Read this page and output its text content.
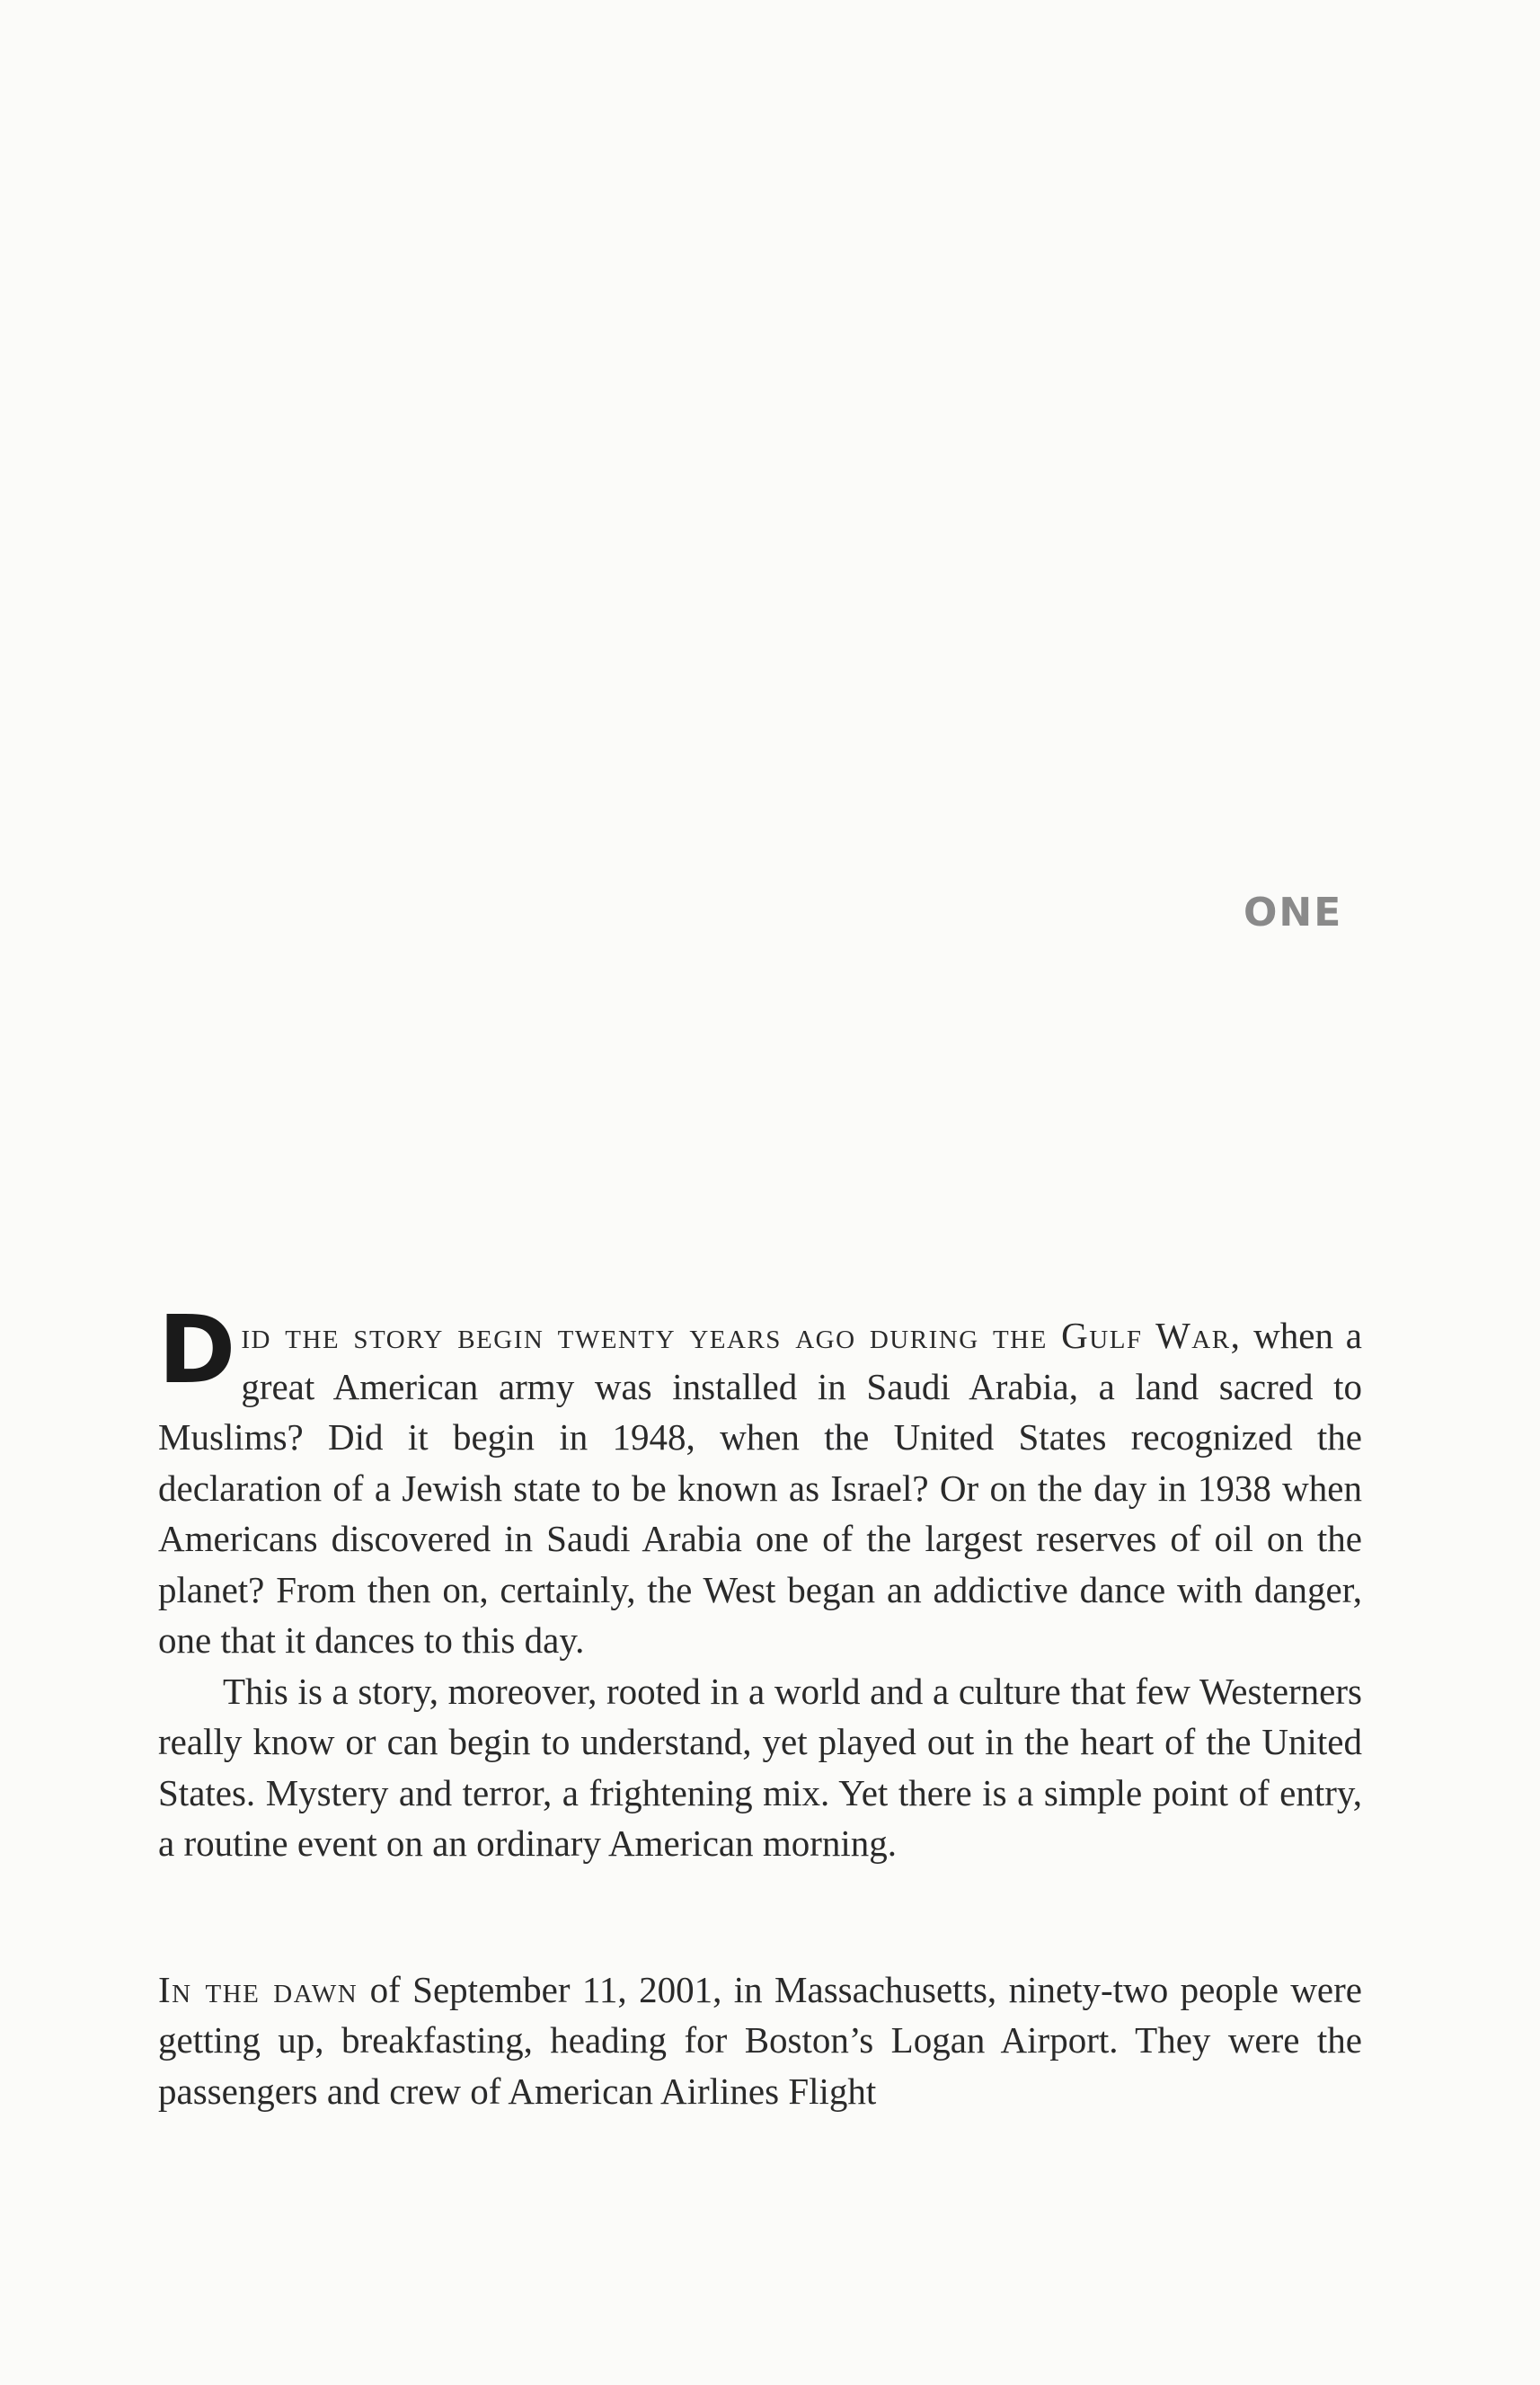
ONE

Did the story begin twenty years ago during the Gulf War, when a great American army was installed in Saudi Arabia, a land sacred to Muslims? Did it begin in 1948, when the United States recognized the declaration of a Jewish state to be known as Israel? Or on the day in 1938 when Americans discovered in Saudi Arabia one of the largest reserves of oil on the planet? From then on, certainly, the West began an addictive dance with danger, one that it dances to this day.

This is a story, moreover, rooted in a world and a culture that few Westerners really know or can begin to understand, yet played out in the heart of the United States. Mystery and terror, a frightening mix. Yet there is a simple point of entry, a routine event on an ordinary American morning.

In the dawn of September 11, 2001, in Massachusetts, ninety-two people were getting up, breakfasting, heading for Boston’s Logan Airport. They were the passengers and crew of American Airlines Flight
